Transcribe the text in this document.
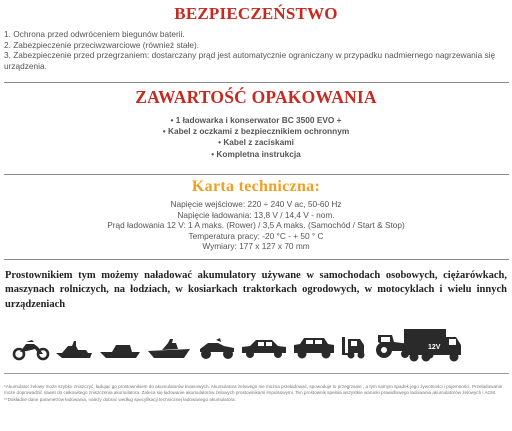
BEZPIECZEŃSTWO
1. Ochrona przed odwróceniem biegunów baterii.
2. Zabezpieczenie przeciwzwarciowe (również stałe).
3. Zabezpieczenie przed przegrzaniem: dostarczany prąd jest automatycznie ograniczany w przypadku nadmiernego nagrzewania się urządzenia.
ZAWARTOŚĆ OPAKOWANIA
• 1 ładowarka i konserwator BC 3500 EVO +
• Kabel z oczkami z bezpiecznikiem ochronnym
• Kabel z zaciskami
• Kompletna instrukcja
Karta techniczna:
Napięcie wejściowe: 220 ÷ 240 V ac, 50-60 Hz
Napięcie ładowania: 13,8 V / 14,4 V - nom.
Prąd ładowania 12 V: 1 A maks. (Rower) / 3,5 A maks. (Samochód / Start & Stop)
Temperatura pracy: -20 °C - + 50 ° C
Wymiary: 177 x 127 x 70 mm
Prostownikiem tym możemy naładować akumulatory używane w samochodach osobowych, ciężarówkach, maszynach rolniczych, na łodziach, w kosiarkach traktorkach ogrodowych, w motocyklach i wielu innych urządzeniach
12V
*Akumulator żelowy może szybko zniszczyć, ładując go prostownikiem do akumulatorów kwasowych. Akumulatora żelowego nie można przeładować, spowoduje to przegrzanie , a tym samym spadek jego żywotności i pojemności. Przeładowanie może doprowadzić nawet do całkowitego zniszczenia akumulatora. Zaleca się ładowanie akumulatorów żelowych prostownikami impulsowymi. Ten prostownik spełnia wszystkie warunki prawidłowego ładowania akumulatorów żelowych i AGM.
**Dokładne dane parametrów ładowania, należy dobrać według specyfikacji technicznej ładowanego akumulatora.
